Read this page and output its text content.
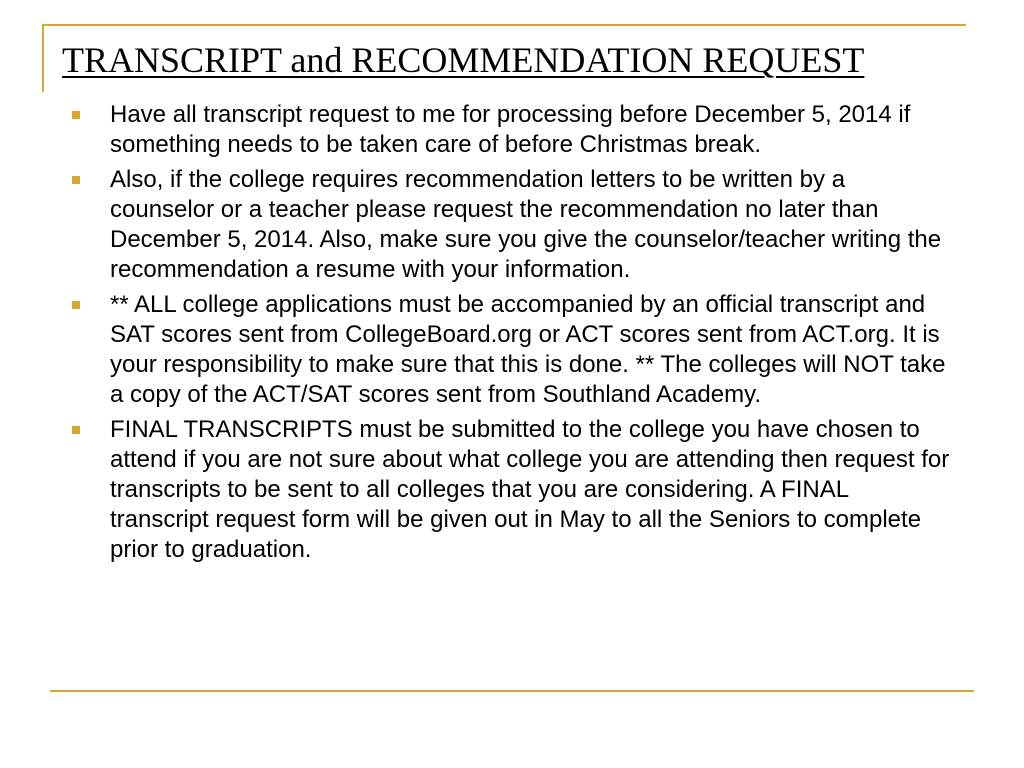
TRANSCRIPT and RECOMMENDATION REQUEST
Have all transcript request to me for processing before December 5, 2014 if something needs to be taken care of before Christmas break.
Also, if the college requires recommendation letters to be written by a counselor or a teacher please request the recommendation no later than December 5, 2014. Also, make sure you give the counselor/teacher writing the recommendation a resume with your information.
** ALL college applications must be accompanied by an official transcript and SAT scores sent from CollegeBoard.org or ACT scores sent from ACT.org. It is your responsibility to make sure that this is done. ** The colleges will NOT take a copy of the ACT/SAT scores sent from Southland Academy.
FINAL TRANSCRIPTS must be submitted to the college you have chosen to attend if you are not sure about what college you are attending then request for transcripts to be sent to all colleges that you are considering. A FINAL transcript request form will be given out in May to all the Seniors to complete prior to graduation.
